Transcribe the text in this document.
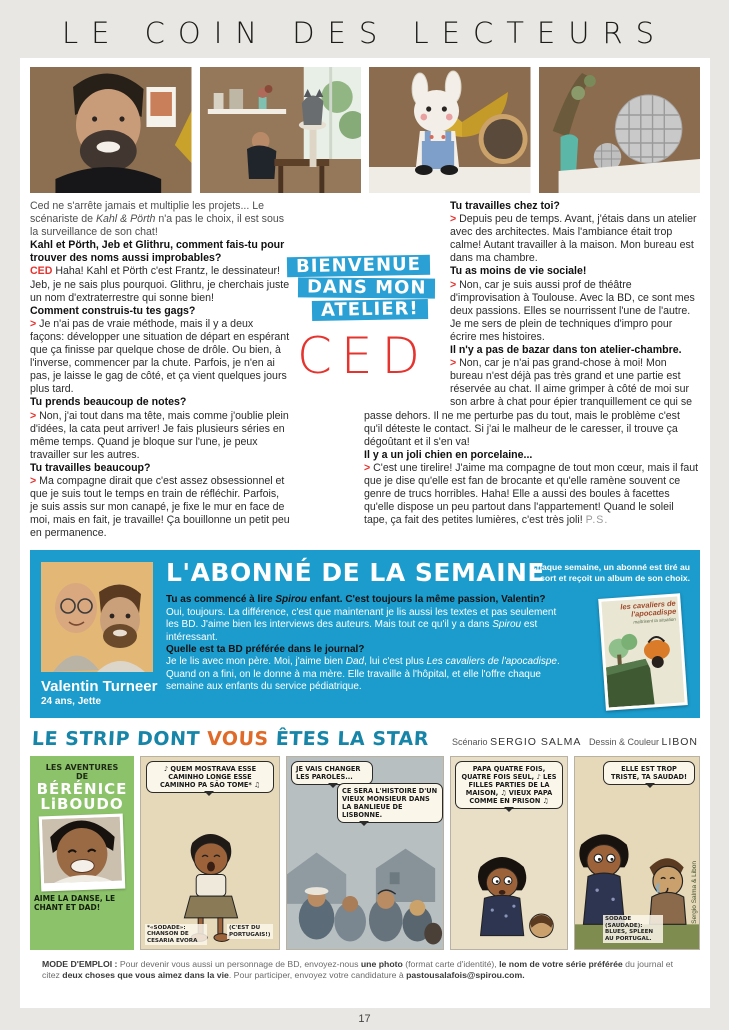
LE COIN DES LECTEURS

Ced ne s'arrête jamais et multiplie les projets... Le scénariste de Kahl & Pörth n'a pas le choix, il est sous la surveillance de son chat!

Kahl et Pörth, Jeb et Glithru, comment fais-tu pour trouver des noms aussi improbables?

CED Haha! Kahl et Pörth c'est Frantz, le dessinateur! Jeb, je ne sais plus pourquoi. Glithru, je cherchais juste un nom d'extraterrestre qui sonne bien!

Comment construis-tu tes gags?

> Je n'ai pas de vraie méthode, mais il y a deux façons: développer une situation de départ en espérant que ça finisse par quelque chose de drôle. Ou bien, à l'inverse, commencer par la chute. Parfois, je n'en ai pas, je laisse le gag de côté, et ça vient quelques jours plus tard.

Tu prends beaucoup de notes?

> Non, j'ai tout dans ma tête, mais comme j'oublie plein d'idées, la cata peut arriver! Je fais plusieurs séries en même temps. Quand je bloque sur l'une, je peux travailler sur les autres.

Tu travailles beaucoup?

> Ma compagne dirait que c'est assez obsessionnel et que je suis tout le temps en train de réfléchir. Parfois, je suis assis sur mon canapé, je fixe le mur en face de moi, mais en fait, je travaille! Ça bouillonne un petit peu en permanence.

BIENVENUE
DANS MON
ATELIER!
CED

Tu travailles chez toi?

> Depuis peu de temps. Avant, j'étais dans un atelier avec des architectes. Mais l'ambiance était trop calme! Autant travailler à la maison. Mon bureau est dans ma chambre.

Tu as moins de vie sociale!

> Non, car je suis aussi prof de théâtre d'improvisation à Toulouse. Avec la BD, ce sont mes deux passions. Elles se nourrissent l'une de l'autre. Je me sers de plein de techniques d'impro pour écrire mes histoires.

Il n'y a pas de bazar dans ton atelier-chambre.

> Non, car je n'ai pas grand-chose à moi! Mon bureau n'est déjà pas très grand et une partie est réservée au chat. Il aime grimper à côté de moi sur son arbre à chat pour épier tranquillement ce qui se passe dehors. Il ne me perturbe pas du tout, mais le problème c'est qu'il déteste le contact. Si j'ai le malheur de le caresser, il trouve ça dégoûtant et il s'en va!

Il y a un joli chien en porcelaine...

> C'est une tirelire! J'aime ma compagne de tout mon cœur, mais il faut que je dise qu'elle est fan de brocante et qu'elle ramène souvent ce genre de trucs horribles. Haha! Elle a aussi des boules à facettes qu'elle dispose un peu partout dans l'appartement! Quand le soleil tape, ça fait des petites lumières, c'est très joli! P.S.

Valentin Turneer
24 ans, Jette
L'ABONNÉ DE LA SEMAINE
Chaque semaine, un abonné est tiré au sort et reçoit un album de son choix.

Tu as commencé à lire Spirou enfant. C'est toujours la même passion, Valentin?

Oui, toujours. La différence, c'est que maintenant je lis aussi les textes et pas seulement les BD. J'aime bien les interviews des auteurs. Mais tout ce qu'il y a dans Spirou est intéressant.

Quelle est ta BD préférée dans le journal?

Je le lis avec mon père. Moi, j'aime bien Dad, lui c'est plus Les cavaliers de l'apocadispe. Quand on a fini, on le donne à ma mère. Elle travaille à l'hôpital, et elle l'offre chaque semaine aux enfants du service pédiatrique.

les cavaliers de l'apocadispe
maîtrisent la situation
LE STRIP DONT VOUS ÊTES LA STAR	Scénario SERGIO SALMA Dessin & Couleur LIBON
LES AVENTURES
DE
BÉRÉNICE
LiBOUDO
AIME LA DANSE, LE CHANT ET DAD!
♪ QUEM MOSTRAVA ESSE CAMINHO LONGE ESSE CAMINHO PA SÃO TOME* ♫
*«SODADE»: CHANSON DE CESARIA EVORA
(C'EST DU PORTUGAIS!)
JE VAIS CHANGER LES PAROLES...
CE SERA L'HISTOIRE D'UN VIEUX MONSIEUR DANS LA BANLIEUE DE LISBONNE.
PAPA QUATRE FOIS, QUATRE FOIS SEUL, ♪ LES FILLES PARTIES DE LA MAISON, ♫ VIEUX PAPA COMME EN PRISON ♫
ELLE EST TROP TRISTE, TA SAUDAD!
SODADE (SAUDADE): BLUES, SPLEEN AU PORTUGAL.
Sergio Salma & Libon

MODE D'EMPLOI : Pour devenir vous aussi un personnage de BD, envoyez-nous une photo (format carte d'identité), le nom de votre série préférée du journal et citez deux choses que vous aimez dans la vie. Pour participer, envoyez votre candidature à pastousalafois@spirou.com.

17
